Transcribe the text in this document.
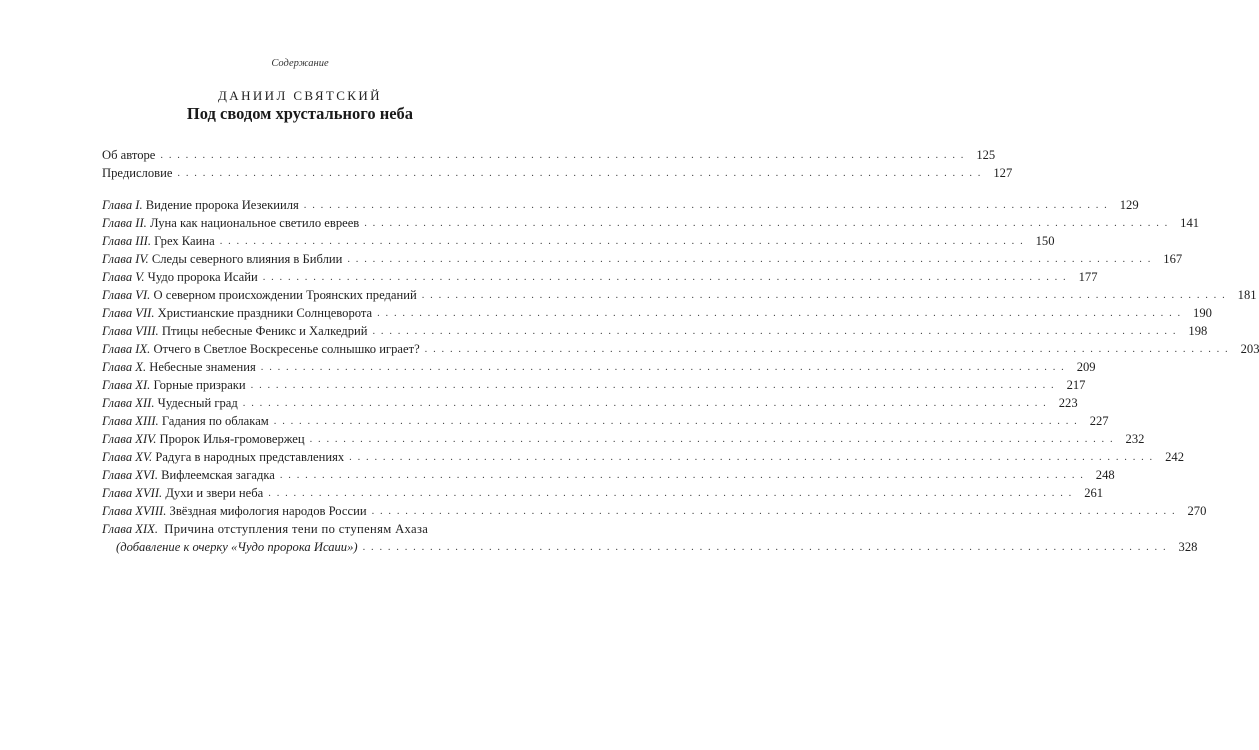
Содержание
ДАНИИЛ СВЯТСКИЙ
Под сводом хрустального неба
Об авторе ................................................................................................ 125
Предисловие ................................................................................................ 127
Глава I. Видение пророка Иезекииля ................................................................................................ 129
Глава II. Луна как национальное светило евреев ................................................................................................ 141
Глава III. Грех Каина ................................................................................................ 150
Глава IV. Следы северного влияния в Библии ................................................................................................ 167
Глава V. Чудо пророка Исайи ................................................................................................ 177
Глава VI. О северном происхождении Троянских преданий ................................................................................................ 181
Глава VII. Христианские праздники Солнцеворота ................................................................................................ 190
Глава VIII. Птицы небесные Феникс и Халкедрий ................................................................................................ 198
Глава IX. Отчего в Светлое Воскресенье солнышко играет? ................................................................................................ 203
Глава X. Небесные знамения ................................................................................................ 209
Глава XI. Горные призраки ................................................................................................ 217
Глава XII. Чудесный град ................................................................................................ 223
Глава XIII. Гадания по облакам ................................................................................................ 227
Глава XIV. Пророк Илья-громовержец ................................................................................................ 232
Глава XV. Радуга в народных представлениях ................................................................................................ 242
Глава XVI. Вифлеемская загадка ................................................................................................ 248
Глава XVII. Духи и звери неба ................................................................................................ 261
Глава XVIII. Звёздная мифология народов России ................................................................................................ 270
Глава XIX. Причина отступления тени по ступеням Ахаза
(добавление к очерку «Чудо пророка Исаии») ................................................................................................ 328
